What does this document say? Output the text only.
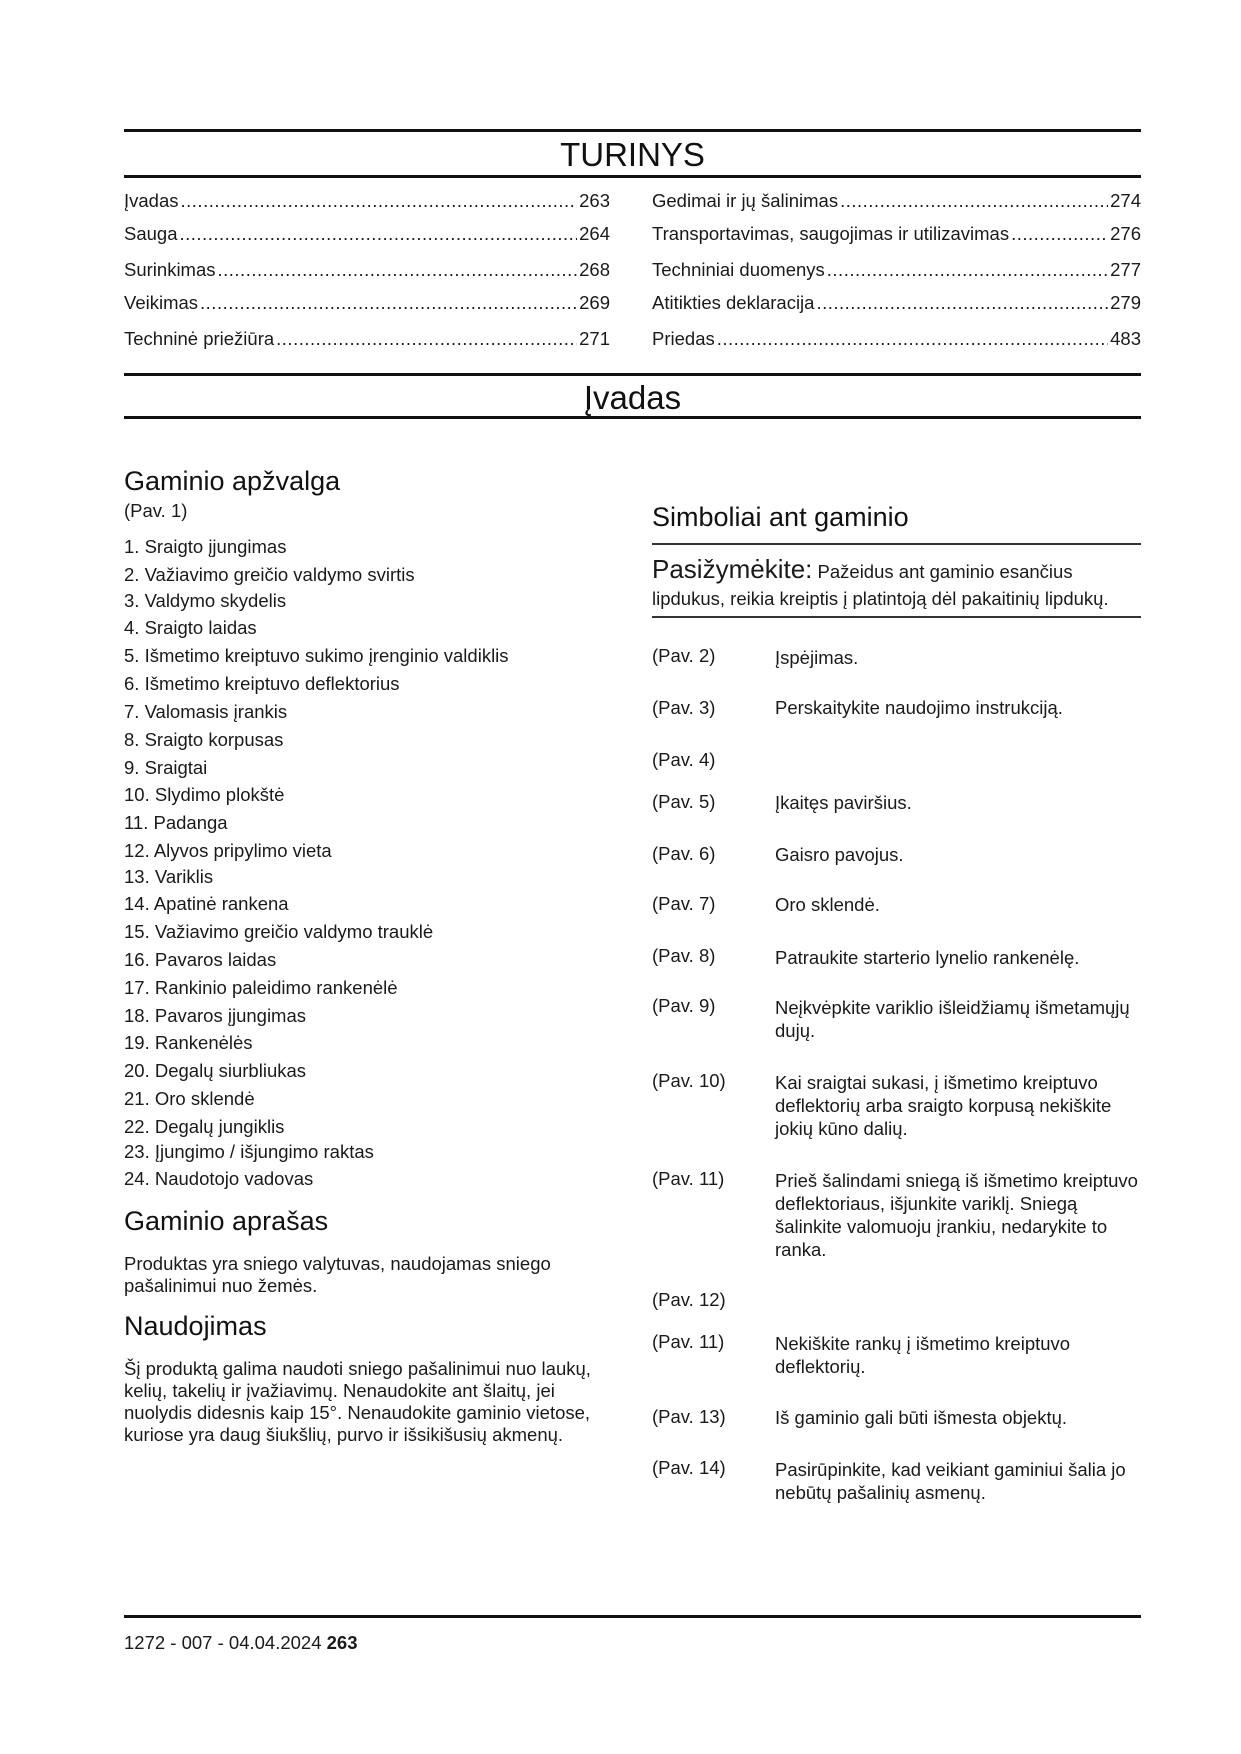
TURINYS
Įvadas .....	263
Sauga .....	264
Surinkimas .....	268
Veikimas .....	269
Techninė priežiūra .....	271
Gedimai ir jų šalinimas .....	274
Transportavimas, saugojimas ir utilizavimas .....	276
Techniniai duomenys .....	277
Atitikties deklaracija .....	279
Priedas .....	483
Įvadas
Gaminio apžvalga
(Pav. 1)
1. Sraigto įjungimas
2. Važiavimo greičio valdymo svirtis
3. Valdymo skydelis
4. Sraigto laidas
5. Išmetimo kreiptuvo sukimo įrenginio valdiklis
6. Išmetimo kreiptuvo deflektorius
7. Valomasis įrankis
8. Sraigto korpusas
9. Sraigtai
10. Slydimo plokštė
11. Padanga
12. Alyvos pripylimo vieta
13. Variklis
14. Apatinė rankena
15. Važiavimo greičio valdymo trauklė
16. Pavaros laidas
17. Rankinio paleidimo rankenėlė
18. Pavaros įjungimas
19. Rankenėlės
20. Degalų siurbliukas
21. Oro sklendė
22. Degalų jungiklis
23. Įjungimo / išjungimo raktas
24. Naudotojo vadovas
Gaminio aprašas
Produktas yra sniego valytuvas, naudojamas sniego pašalinimui nuo žemės.
Naudojimas
Šį produktą galima naudoti sniego pašalinimui nuo laukų, kelių, takelių ir įvažiavimų. Nenaudokite ant šlaitų, jei nuolydis didesnis kaip 15°. Nenaudokite gaminio vietose, kuriose yra daug šiukšlių, purvo ir išsikišusių akmenų.
Simboliai ant gaminio
Pasižymėkite: Pažeidus ant gaminio esančius lipdukus, reikia kreiptis į platintoją dėl pakaitinių lipdukų.
(Pav. 2)	Įspėjimas.
(Pav. 3)	Perskaitykite naudojimo instrukciją.
(Pav. 4)
(Pav. 5)	Įkaitęs paviršius.
(Pav. 6)	Gaisro pavojus.
(Pav. 7)	Oro sklendė.
(Pav. 8)	Patraukite starterio lynelio rankenėlę.
(Pav. 9)	Neįkvėpkite variklio išleidžiamų išmetamųjų dujų.
(Pav. 10)	Kai sraigtai sukasi, į išmetimo kreiptuvo deflektorių arba sraigto korpusą nekiškite jokių kūno dalių.
(Pav. 11)	Prieš šalindami sniegą iš išmetimo kreiptuvo deflektoriaus, išjunkite variklį. Sniegą šalinkite valomuoju įrankiu, nedarykite to ranka.
(Pav. 12)
(Pav. 11)	Nekiškite rankų į išmetimo kreiptuvo deflektorių.
(Pav. 13)	Iš gaminio gali būti išmesta objektų.
(Pav. 14)	Pasirūpinkite, kad veikiant gaminiui šalia jo nebūtų pašalinių asmenų.
1272 - 007 - 04.04.2024 263
